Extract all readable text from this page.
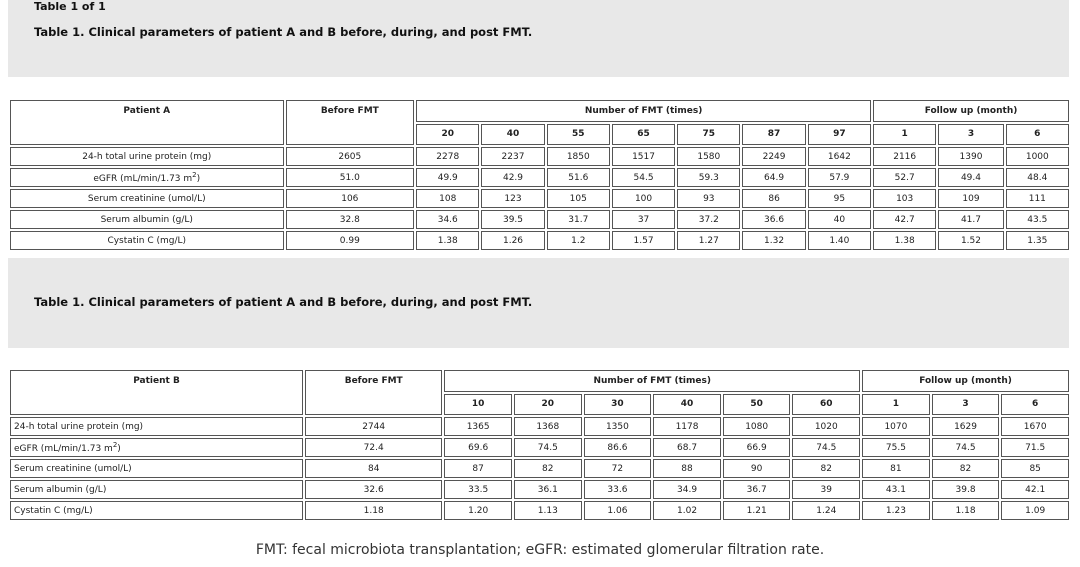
Table 1 of 1
Table 1. Clinical parameters of patient A and B before, during, and post FMT.
Patient A	Before FMT	Number of FMT (times)							Follow up (month)		
		20	40	55	65	75	87	97	1	3	6
24-h total urine protein (mg)	2605	2278	2237	1850	1517	1580	2249	1642	2116	1390	1000
eGFR (mL/min/1.73 $m^2$)	51.0	49.9	42.9	51.6	54.5	59.3	64.9	57.9	52.7	49.4	48.4
Serum creatinine (umol/L)	106	108	123	105	100	93	86	95	103	109	111
Serum albumin (g/L)	32.8	34.6	39.5	31.7	37	37.2	36.6	40	42.7	41.7	43.5
Cystatin C (mg/L)	0.99	1.38	1.26	1.2	1.57	1.27	1.32	1.40	1.38	1.52	1.35
Table 1. Clinical parameters of patient A and B before, during, and post FMT.
Patient B	Before FMT	Number of FMT (times)						Follow up (month)		
		10	20	30	40	50	60	1	3	6
24-h total urine protein (mg)	2744	1365	1368	1350	1178	1080	1020	1070	1629	1670
eGFR (mL/min/1.73 $m^2$)	72.4	69.6	74.5	86.6	68.7	66.9	74.5	75.5	74.5	71.5
Serum creatinine (umol/L)	84	87	82	72	88	90	82	81	82	85
Serum albumin (g/L)	32.6	33.5	36.1	33.6	34.9	36.7	39	43.1	39.8	42.1
Cystatin C (mg/L)	1.18	1.20	1.13	1.06	1.02	1.21	1.24	1.23	1.18	1.09
FMT: fecal microbiota transplantation; eGFR: estimated glomerular filtration rate.
